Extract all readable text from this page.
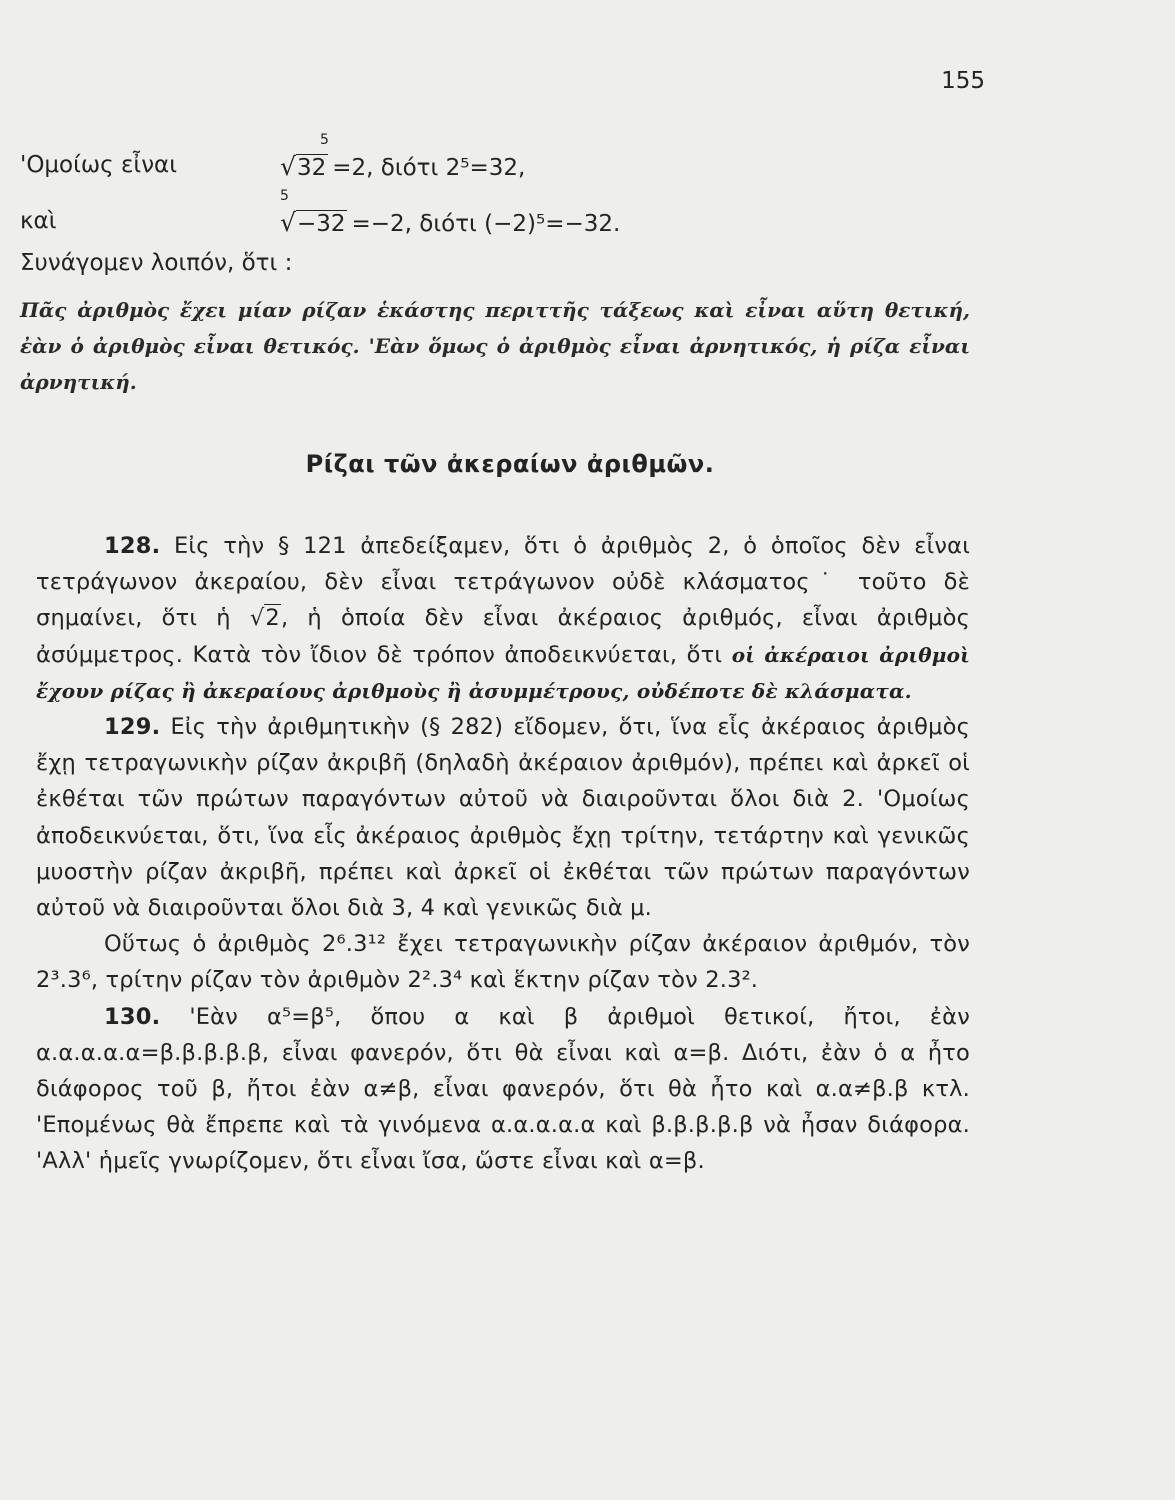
155
'Ομοίως εἶναι
5
√32 =2, διότι 2⁵=32,
καὶ
5
√−32 =−2, διότι (−2)⁵=−32.
Συνάγομεν λοιπόν, ὅτι :
Πᾶς ἀριθμὸς ἔχει μίαν ρίζαν ἑκάστης περιττῆς τάξεως καὶ εἶναι αὕτη θετική, ἐὰν ὁ ἀριθμὸς εἶναι θετικός. 'Εὰν ὅμως ὁ ἀριθμὸς εἶναι ἀρνητικός, ἡ ρίζα εἶναι ἀρνητική.
Ρίζαι τῶν ἀκεραίων ἀριθμῶν.

128. Εἰς τὴν § 121 ἀπεδείξαμεν, ὅτι ὁ ἀριθμὸς 2, ὁ ὁποῖος δὲν εἶναι τετράγωνον ἀκεραίου, δὲν εἶναι τετράγωνον οὐδὲ κλάσματος˙ τοῦτο δὲ σημαίνει, ὅτι ἡ √2, ἡ ὁποία δὲν εἶναι ἀκέραιος ἀριθμός, εἶναι ἀριθμὸς ἀσύμμετρος. Κατὰ τὸν ἴδιον δὲ τρόπον ἀποδεικνύεται, ὅτι οἱ ἀκέραιοι ἀριθμοὶ ἔχουν ρίζας ἢ ἀκεραίους ἀριθμοὺς ἢ ἀσυμμέτρους, οὐδέποτε δὲ κλάσματα.

129. Εἰς τὴν ἀριθμητικὴν (§ 282) εἴδομεν, ὅτι, ἵνα εἷς ἀκέραιος ἀριθμὸς ἔχῃ τετραγωνικὴν ρίζαν ἀκριβῆ (δηλαδὴ ἀκέραιον ἀριθμόν), πρέπει καὶ ἀρκεῖ οἱ ἐκθέται τῶν πρώτων παραγόντων αὐτοῦ νὰ διαιροῦνται ὅλοι διὰ 2. 'Ομοίως ἀποδεικνύεται, ὅτι, ἵνα εἷς ἀκέραιος ἀριθμὸς ἔχῃ τρίτην, τετάρτην καὶ γενικῶς μυοστὴν ρίζαν ἀκριβῆ, πρέπει καὶ ἀρκεῖ οἱ ἐκθέται τῶν πρώτων παραγόντων αὐτοῦ νὰ διαιροῦνται ὅλοι διὰ 3, 4 καὶ γενικῶς διὰ μ.

Οὕτως ὁ ἀριθμὸς 2⁶.3¹² ἔχει τετραγωνικὴν ρίζαν ἀκέραιον ἀριθμόν, τὸν 2³.3⁶, τρίτην ρίζαν τὸν ἀριθμὸν 2².3⁴ καὶ ἕκτην ρίζαν τὸν 2.3².

130. 'Εὰν α⁵=β⁵, ὅπου α καὶ β ἀριθμοὶ θετικοί, ἤτοι, ἐὰν α.α.α.α.α=β.β.β.β.β, εἶναι φανερόν, ὅτι θὰ εἶναι καὶ α=β. Διότι, ἐὰν ὁ α ἦτο διάφορος τοῦ β, ἤτοι ἐὰν α≠β, εἶναι φανερόν, ὅτι θὰ ἦτο καὶ α.α≠β.β κτλ. 'Επομένως θὰ ἔπρεπε καὶ τὰ γινόμενα α.α.α.α.α καὶ β.β.β.β.β νὰ ἦσαν διάφορα. 'Αλλ' ἡμεῖς γνωρίζομεν, ὅτι εἶναι ἴσα, ὥστε εἶναι καὶ α=β.
